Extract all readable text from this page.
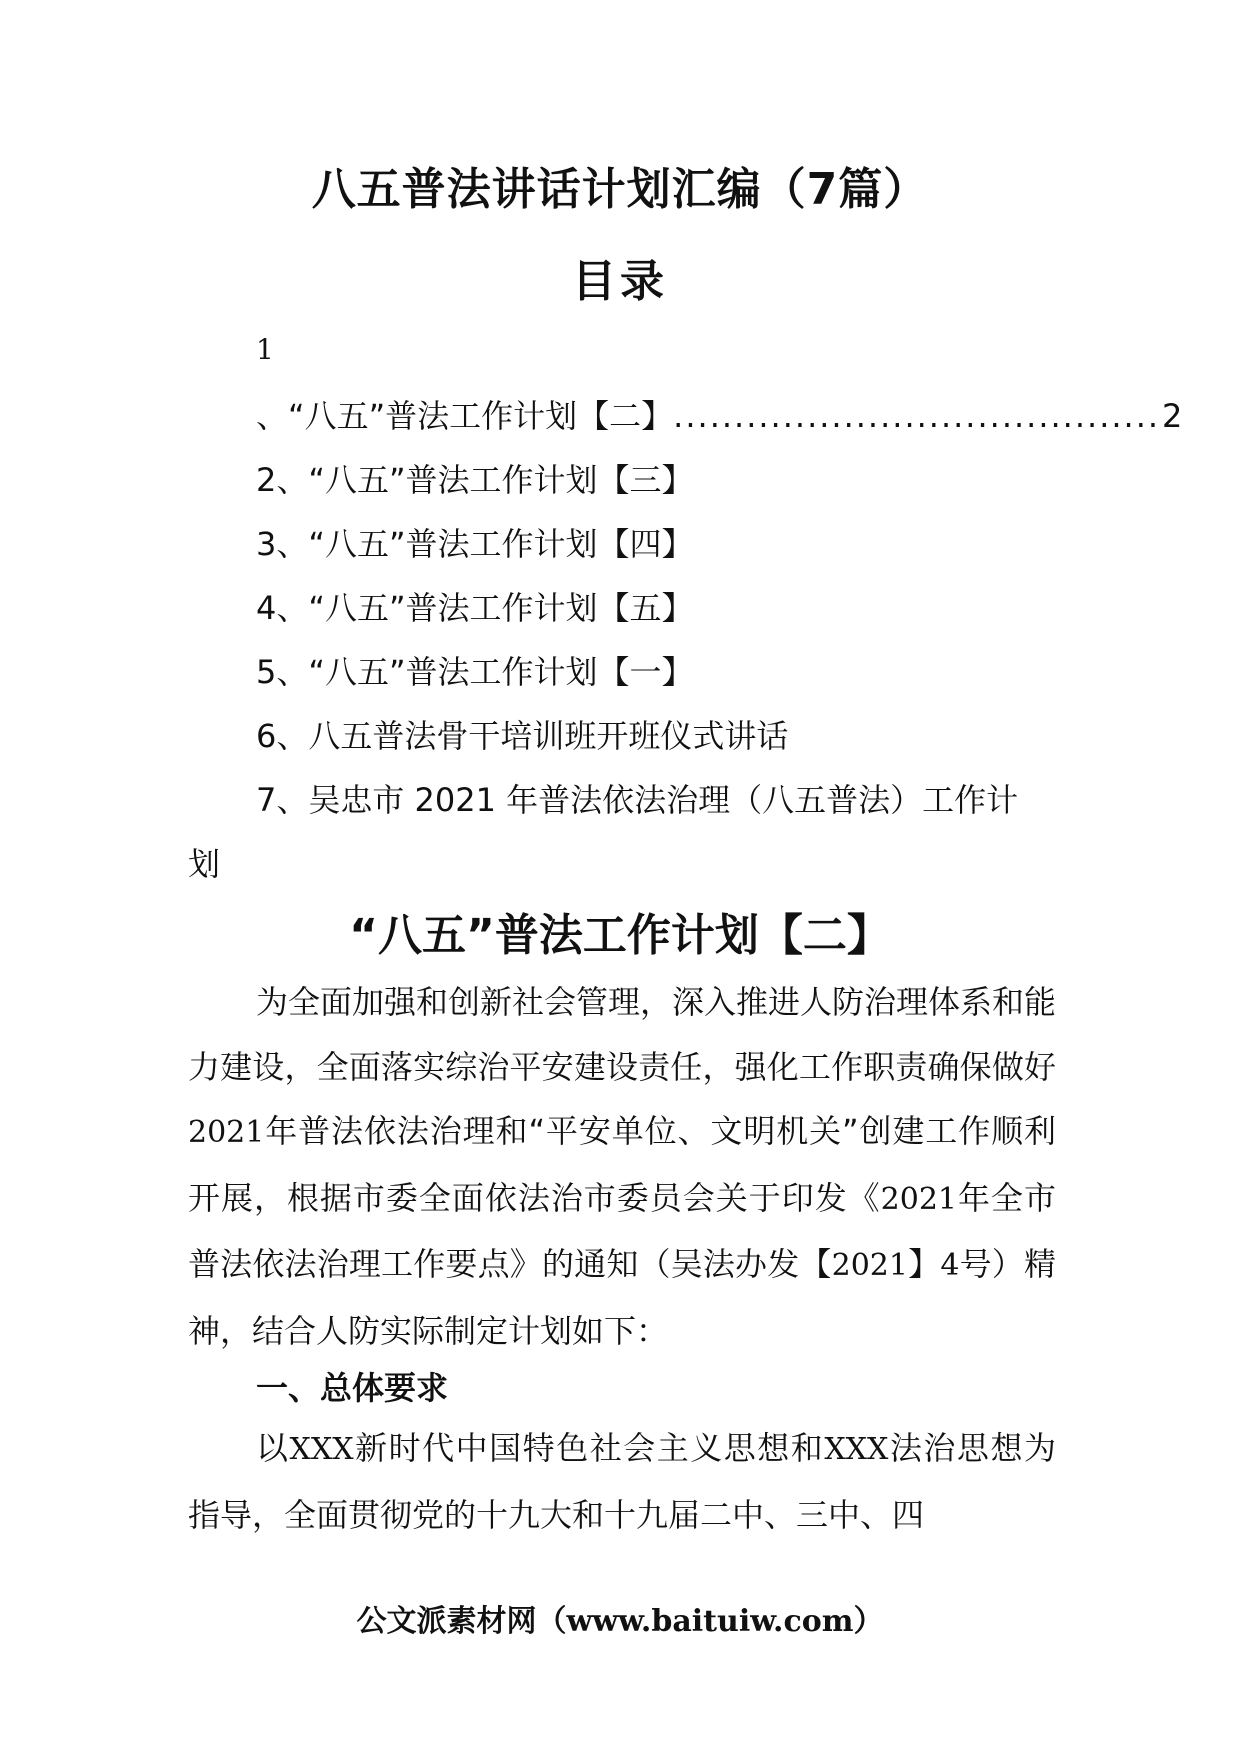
八五普法讲话计划汇编（7篇）
目录
1
、“八五”普法工作计划【二】 ........................................ 2
2、“八五”普法工作计划【三】
3、“八五”普法工作计划【四】
4、“八五”普法工作计划【五】
5、“八五”普法工作计划【一】
6、八五普法骨干培训班开班仪式讲话
7、吴忠市 2021 年普法依法治理（八五普法）工作计
划
“八五”普法工作计划【二】
为全面加强和创新社会管理，深入推进人防治理体系和能力建设，全面落实综治平安建设责任，强化工作职责确保做好2021年普法依法治理和“平安单位、文明机关”创建工作顺利开展，根据市委全面依法治市委员会关于印发《2021年全市普法依法治理工作要点》的通知（吴法办发【2021】4号）精神，结合人防实际制定计划如下：
一、总体要求
以XXX新时代中国特色社会主义思想和XXX法治思想为指导，全面贯彻党的十九大和十九届二中、三中、四
公文派素材网（www.baituiw.com）
